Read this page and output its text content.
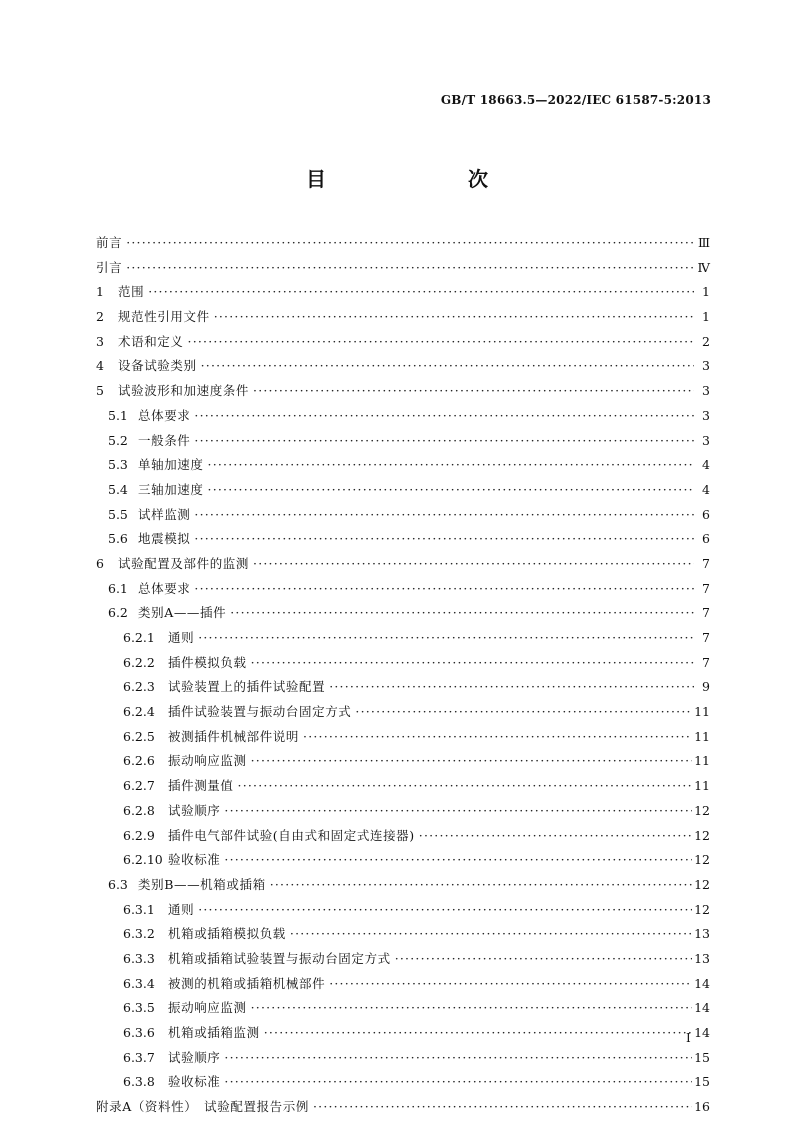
GB/T 18663.5—2022/IEC 61587-5:2013
目　　次
前言 ·····	Ⅲ
引言 ·····	Ⅳ
1	范围 ·····	1
2	规范性引用文件 ·····	1
3	术语和定义 ·····	2
4	设备试验类别 ·····	3
5	试验波形和加速度条件 ·····	3
5.1 总体要求 ·····	3
5.2 一般条件 ·····	3
5.3 单轴加速度 ·····	4
5.4 三轴加速度 ·····	4
5.5 试样监测 ·····	6
5.6 地震模拟 ·····	6
6	试验配置及部件的监测 ·····	7
6.1 总体要求 ·····	7
6.2 类别A——插件 ·····	7
6.2.1	通则 ·····	7
6.2.2	插件模拟负载 ·····	7
6.2.3	试验装置上的插件试验配置 ·····	9
6.2.4	插件试验装置与振动台固定方式 ·····	11
6.2.5	被测插件机械部件说明 ·····	11
6.2.6	振动响应监测 ·····	11
6.2.7	插件测量值 ·····	11
6.2.8	试验顺序 ·····	12
6.2.9	插件电气部件试验(自由式和固定式连接器) ·····	12
6.2.10 验收标准 ·····	12
6.3 类别B——机箱或插箱 ·····	12
6.3.1	通则 ·····	12
6.3.2	机箱或插箱模拟负载 ·····	13
6.3.3	机箱或插箱试验装置与振动台固定方式 ·····	13
6.3.4	被测的机箱或插箱机械部件 ·····	14
6.3.5	振动响应监测 ·····	14
6.3.6	机箱或插箱监测 ·····	14
6.3.7	试验顺序 ·····	15
6.3.8	验收标准 ·····	15
附录A（资料性）　试验配置报告示例 ·····	16
I
